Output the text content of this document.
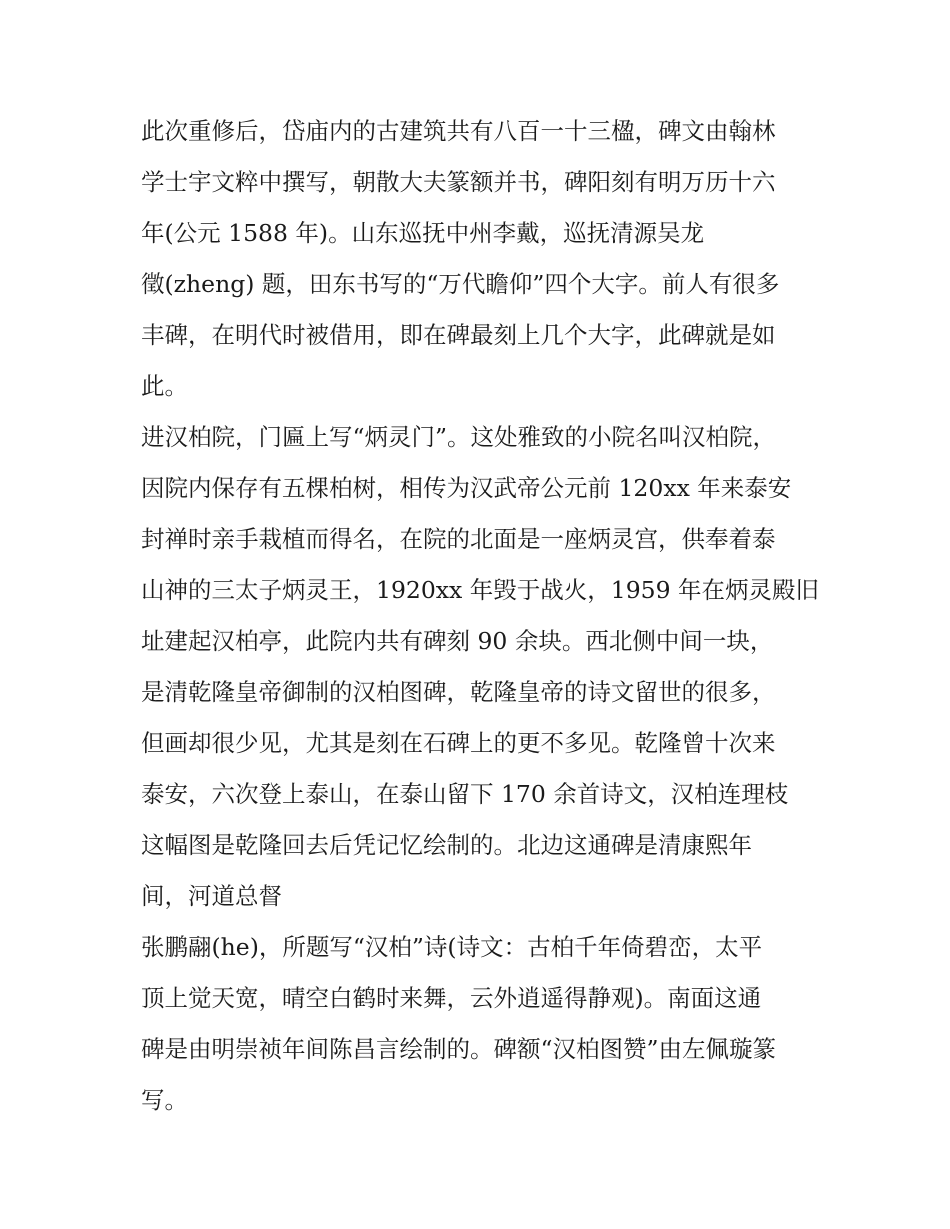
此次重修后，岱庙内的古建筑共有八百一十三楹，碑文由翰林
学士宇文粹中撰写，朝散大夫篆额并书，碑阳刻有明万历十六
年(公元 1588 年)。山东巡抚中州李戴，巡抚清源吴龙
徵(zheng) 题，田东书写的“万代瞻仰”四个大字。前人有很多
丰碑，在明代时被借用，即在碑最刻上几个大字，此碑就是如
此。
进汉柏院，门匾上写“炳灵门”。这处雅致的小院名叫汉柏院，
因院内保存有五棵柏树，相传为汉武帝公元前 120xx 年来泰安
封禅时亲手栽植而得名，在院的北面是一座炳灵宫，供奉着泰
山神的三太子炳灵王，1920xx 年毁于战火，1959 年在炳灵殿旧
址建起汉柏亭，此院内共有碑刻 90 余块。西北侧中间一块，
是清乾隆皇帝御制的汉柏图碑，乾隆皇帝的诗文留世的很多，
但画却很少见，尤其是刻在石碑上的更不多见。乾隆曾十次来
泰安，六次登上泰山，在泰山留下 170 余首诗文，汉柏连理枝
这幅图是乾隆回去后凭记忆绘制的。北边这通碑是清康熙年
间，河道总督
张鹏翮(he)，所题写“汉柏”诗(诗文：古柏千年倚碧峦，太平
顶上觉天宽，晴空白鹤时来舞，云外逍遥得静观)。南面这通
碑是由明崇祯年间陈昌言绘制的。碑额“汉柏图赞”由左佩璇篆
写。
